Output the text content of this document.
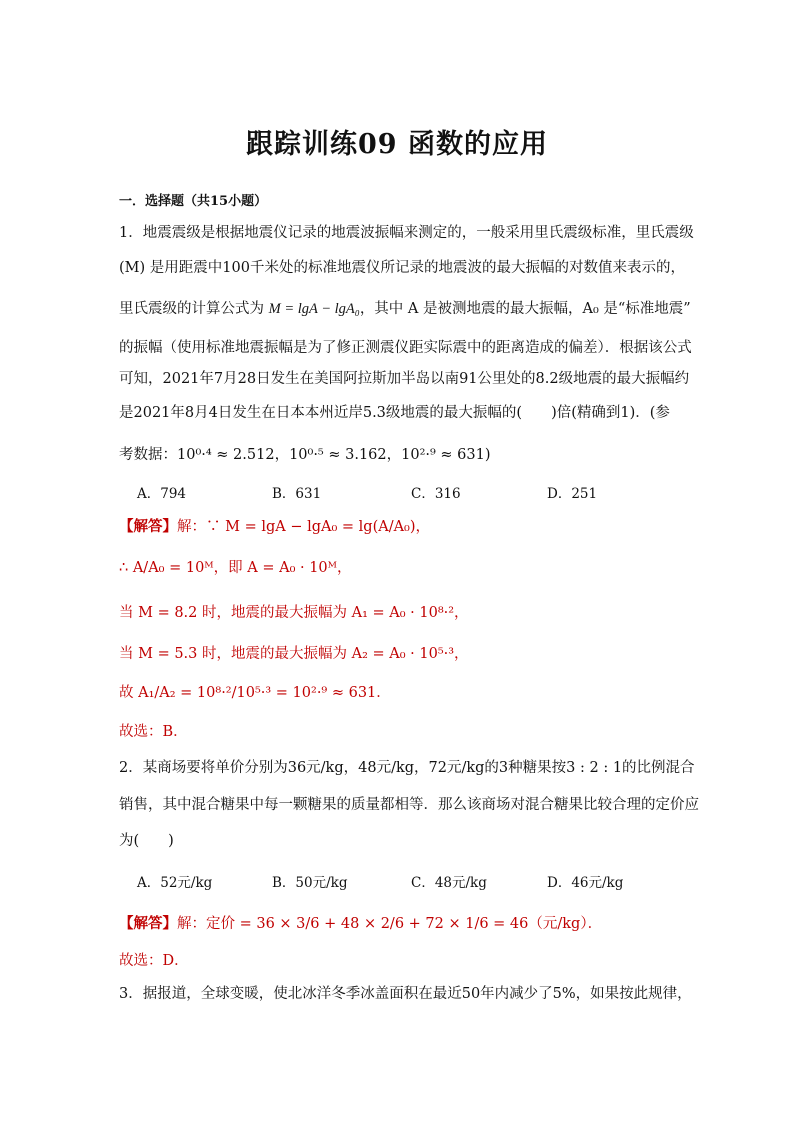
跟踪训练09 函数的应用
一．选择题（共15小题）
1．地震震级是根据地震仪记录的地震波振幅来测定的，一般采用里氏震级标准，里氏震级
(M) 是用距震中100千米处的标准地震仪所记录的地震波的最大振幅的对数值来表示的，
里氏震级的计算公式为 M = lgA − lgA₀，其中 A 是被测地震的最大振幅，A₀ 是“标准地震”
的振幅（使用标准地震振幅是为了修正测震仪距实际震中的距离造成的偏差）．根据该公式
可知，2021年7月28日发生在美国阿拉斯加半岛以南91公里处的8.2级地震的最大振幅约
是2021年8月4日发生在日本本州近岸5.3级地震的最大振幅的(　　)倍(精确到1)．(参
考数据：10⁰·⁴ ≈ 2.512，10⁰·⁵ ≈ 3.162，10²·⁹ ≈ 631)
A．794	B．631	C．316	D．251
【解答】解：∵ M = lgA − lgA₀ = lg(A/A₀)，
∴ A/A₀ = 10ᴹ，即 A = A₀ · 10ᴹ，
当 M = 8.2 时，地震的最大振幅为 A₁ = A₀ · 10⁸·²，
当 M = 5.3 时，地震的最大振幅为 A₂ = A₀ · 10⁵·³，
故 A₁/A₂ = 10⁸·²/10⁵·³ = 10²·⁹ ≈ 631．
故选：B．
2．某商场要将单价分别为36元/kg，48元/kg，72元/kg的3种糖果按3 : 2 : 1的比例混合
销售，其中混合糖果中每一颗糖果的质量都相等．那么该商场对混合糖果比较合理的定价应
为(　　)
A．52元/kg	B．50元/kg	C．48元/kg	D．46元/kg
【解答】解：定价 = 36 × 3/6 + 48 × 2/6 + 72 × 1/6 = 46（元/kg）．
故选：D．
3．据报道，全球变暖，使北冰洋冬季冰盖面积在最近50年内减少了5%，如果按此规律，
